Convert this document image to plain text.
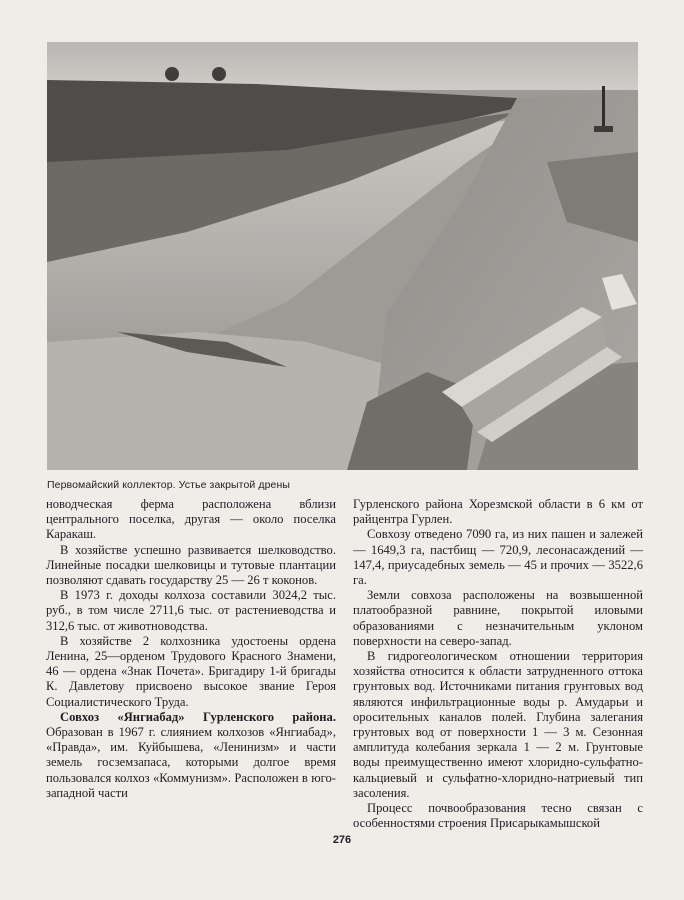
Первомайский коллектор. Устье закрытой дрены

новодческая ферма расположена вблизи центрального поселка, другая — около поселка Каракаш.

В хозяйстве успешно развивается шелководство. Линейные посадки шелковицы и тутовые плантации позволяют сдавать государству 25 — 26 т коконов.

В 1973 г. доходы колхоза составили 3024,2 тыс. руб., в том числе 2711,6 тыс. от растениеводства и 312,6 тыс. от животноводства.

В хозяйстве 2 колхозника удостоены ордена Ленина, 25—орденом Трудового Красного Знамени, 46 — ордена «Знак Почета». Бригадиру 1-й бригады К. Давлетову присвоено высокое звание Героя Социалистического Труда.

Совхоз «Янгиабад» Гурленского района. Образован в 1967 г. слиянием колхозов «Янгиабад», «Правда», им. Куйбышева, «Ленинизм» и части земель госземзапаса, которыми долгое время пользовался колхоз «Коммунизм». Расположен в юго-западной части

Гурленского района Хорезмской области в 6 км от райцентра Гурлен.

Совхозу отведено 7090 га, из них пашен и залежей — 1649,3 га, пастбищ — 720,9, лесонасаждений — 147,4, приусадебных земель — 45 и прочих — 3522,6 га.

Земли совхоза расположены на возвышенной платообразной равнине, покрытой иловыми образованиями с незначительным уклоном поверхности на северо-запад.

В гидрогеологическом отношении территория хозяйства относится к области затрудненного оттока грунтовых вод. Источниками питания грунтовых вод являются инфильтрационные воды р. Амударьи и оросительных каналов полей. Глубина залегания грунтовых вод от поверхности 1 — 3 м. Сезонная амплитуда колебания зеркала 1 — 2 м. Грунтовые воды преимущественно имеют хлоридно-сульфатно-кальциевый и сульфатно-хлоридно-натриевый тип засоления.

Процесс почвообразования тесно связан с особенностями строения Присарыкамышской

276
